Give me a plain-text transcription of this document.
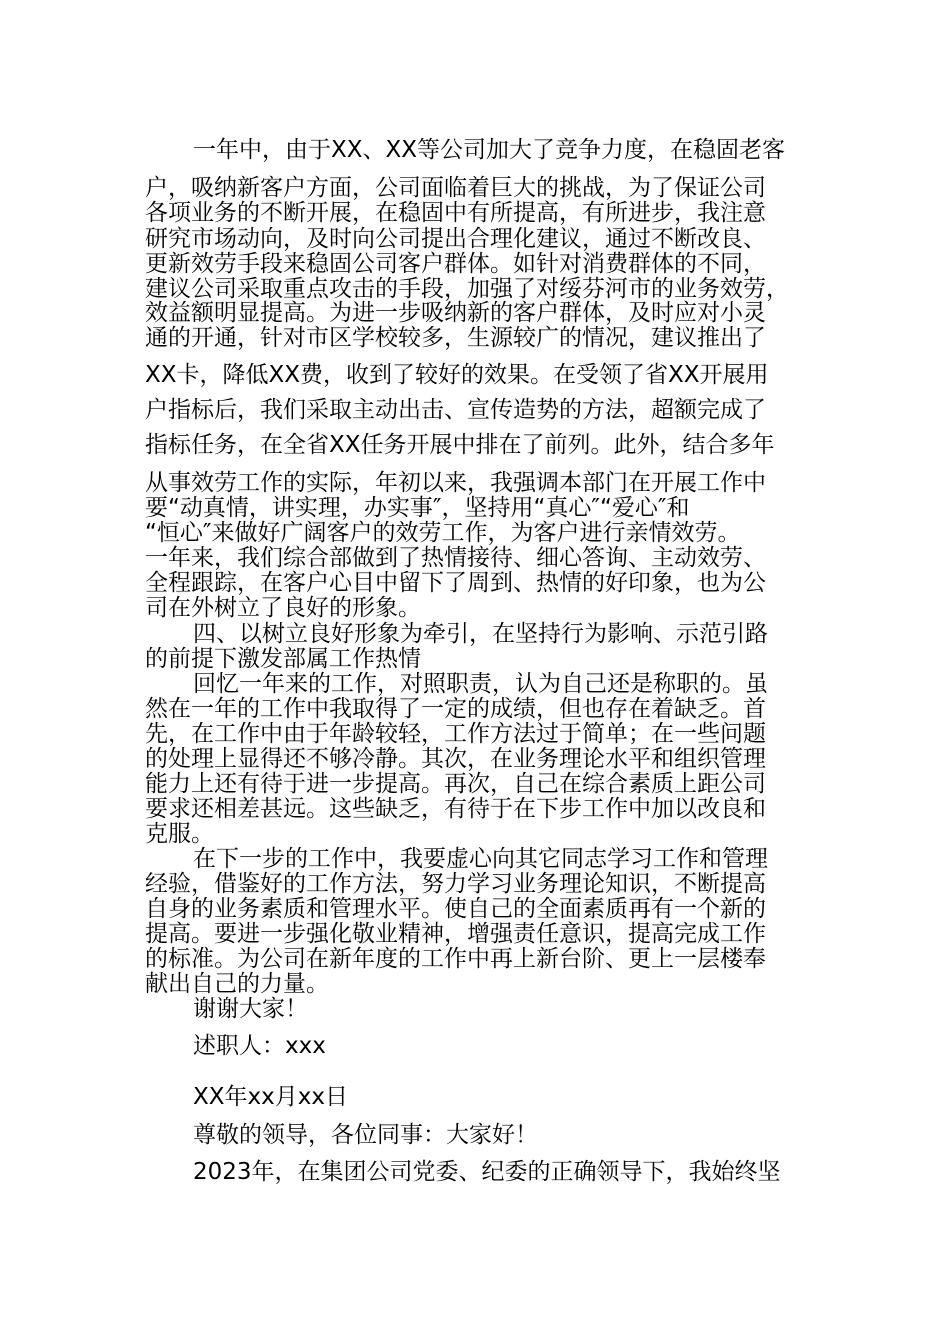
一年中，由于XX、XX等公司加大了竞争力度，在稳固老客
户，吸纳新客户方面，公司面临着巨大的挑战，为了保证公司
各项业务的不断开展，在稳固中有所提高，有所进步，我注意
研究市场动向，及时向公司提出合理化建议，通过不断改良、
更新效劳手段来稳固公司客户群体。如针对消费群体的不同，
建议公司采取重点攻击的手段，加强了对绥芬河市的业务效劳，
效益额明显提高。为进一步吸纳新的客户群体，及时应对小灵
通的开通，针对市区学校较多，生源较广的情况，建议推出了
XX卡，降低XX费，收到了较好的效果。在受领了省XX开展用
户指标后，我们采取主动出击、宣传造势的方法，超额完成了
指标任务，在全省XX任务开展中排在了前列。此外，结合多年
从事效劳工作的实际，年初以来，我强调本部门在开展工作中
要“动真情，讲实理，办实事″，坚持用“真心″“爱心″和
“恒心″来做好广阔客户的效劳工作，为客户进行亲情效劳。
一年来，我们综合部做到了热情接待、细心答询、主动效劳、
全程跟踪，在客户心目中留下了周到、热情的好印象，也为公
司在外树立了良好的形象。
四、以树立良好形象为牵引，在坚持行为影响、示范引路
的前提下激发部属工作热情
回忆一年来的工作，对照职责，认为自己还是称职的。虽
然在一年的工作中我取得了一定的成绩，但也存在着缺乏。首
先，在工作中由于年龄较轻，工作方法过于简单；在一些问题
的处理上显得还不够冷静。其次，在业务理论水平和组织管理
能力上还有待于进一步提高。再次，自己在综合素质上距公司
要求还相差甚远。这些缺乏，有待于在下步工作中加以改良和
克服。
在下一步的工作中，我要虚心向其它同志学习工作和管理
经验，借鉴好的工作方法，努力学习业务理论知识，不断提高
自身的业务素质和管理水平。使自己的全面素质再有一个新的
提高。要进一步强化敬业精神，增强责任意识，提高完成工作
的标准。为公司在新年度的工作中再上新台阶、更上一层楼奉
献出自己的力量。
谢谢大家！
述职人：xxx
XX年xx月xx日
尊敬的领导，各位同事：大家好！
2023年，在集团公司党委、纪委的正确领导下，我始终坚
